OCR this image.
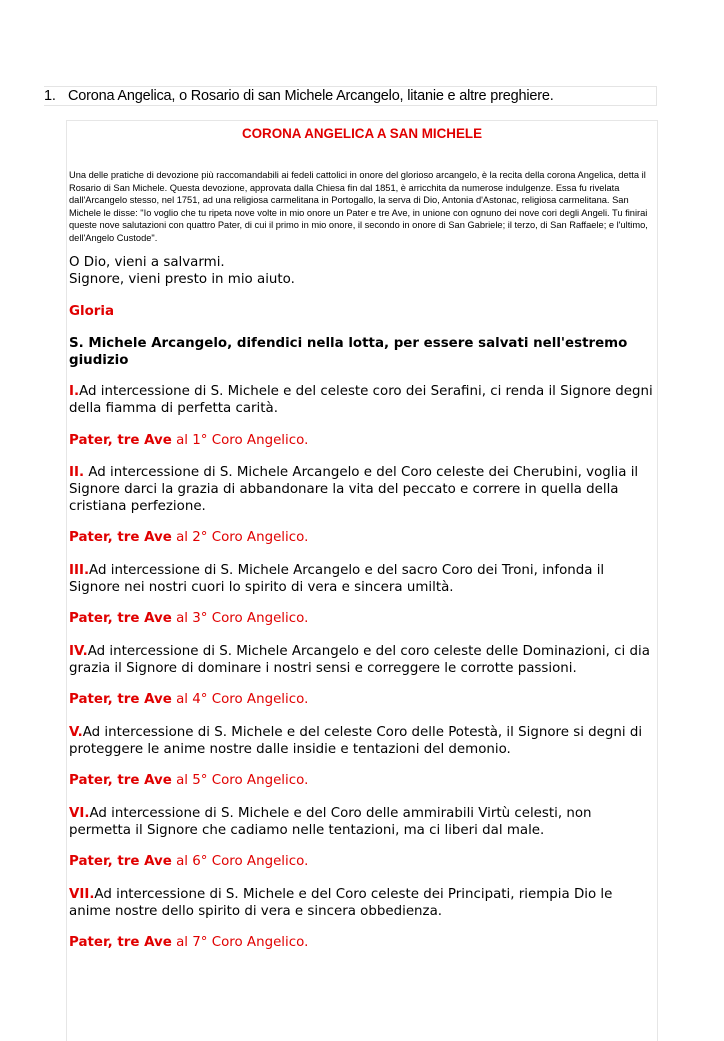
1. Corona Angelica, o Rosario di san Michele Arcangelo, litanie e altre preghiere.
CORONA ANGELICA A SAN MICHELE
Una delle pratiche di devozione più raccomandabili ai fedeli cattolici in onore del glorioso arcangelo, è la recita della corona Angelica, detta il Rosario di San Michele. Questa devozione, approvata dalla Chiesa fin dal 1851, è arricchita da numerose indulgenze. Essa fu rivelata dall'Arcangelo stesso, nel 1751, ad una religiosa carmelitana in Portogallo, la serva di Dio, Antonia d'Astonac, religiosa carmelitana. San Michele le disse: "Io voglio che tu ripeta nove volte in mio onore un Pater e tre Ave, in unione con ognuno dei nove cori degli Angeli. Tu finirai queste nove salutazioni con quattro Pater, di cui il primo in mio onore, il secondo in onore di San Gabriele; il terzo, di San Raffaele; e l'ultimo, dell'Angelo Custode".
O Dio, vieni a salvarmi.
Signore, vieni presto in mio aiuto.
Gloria
S. Michele Arcangelo, difendici nella lotta, per essere salvati nell'estremo giudizio
I.Ad intercessione di S. Michele e del celeste coro dei Serafini, ci renda il Signore degni della fiamma di perfetta carità.
Pater, tre Ave al 1° Coro Angelico.
II. Ad intercessione di S. Michele Arcangelo e del Coro celeste dei Cherubini, voglia il Signore darci la grazia di abbandonare la vita del peccato e correre in quella della cristiana perfezione.
Pater, tre Ave al 2° Coro Angelico.
III.Ad intercessione di S. Michele Arcangelo e del sacro Coro dei Troni, infonda il Signore nei nostri cuori lo spirito di vera e sincera umiltà.
Pater, tre Ave al 3° Coro Angelico.
IV.Ad intercessione di S. Michele Arcangelo e del coro celeste delle Dominazioni, ci dia grazia il Signore di dominare i nostri sensi e correggere le corrotte passioni.
Pater, tre Ave al 4° Coro Angelico.
V.Ad intercessione di S. Michele e del celeste Coro delle Potestà, il Signore si degni di proteggere le anime nostre dalle insidie e tentazioni del demonio.
Pater, tre Ave al 5° Coro Angelico.
VI.Ad intercessione di S. Michele e del Coro delle ammirabili Virtù celesti, non permetta il Signore che cadiamo nelle tentazioni, ma ci liberi dal male.
Pater, tre Ave al 6° Coro Angelico.
VII.Ad intercessione di S. Michele e del Coro celeste dei Principati, riempia Dio le anime nostre dello spirito di vera e sincera obbedienza.
Pater, tre Ave al 7° Coro Angelico.
